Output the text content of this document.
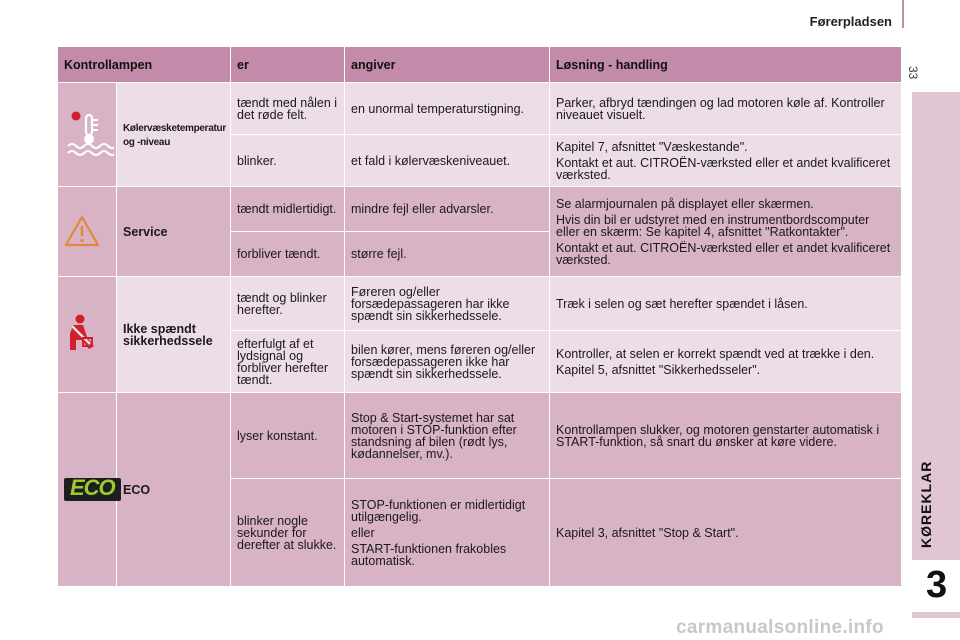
Førerpladsen
33
KØREKLAR
3
Kontrollampen		er	angiver	Løsning - handling
	Kølervæsketemperatur og -niveau	tændt med nålen i det røde felt.	en unormal temperaturstigning.	Parker, afbryd tændingen og lad motoren køle af. Kontroller niveauet visuelt.

		blinker.	et fald i kølervæskeniveauet.	Kapitel 7, afsnittet "Væskestande".
Kontakt et aut. CITROËN-værksted eller et andet kvalificeret værksted.

	Service	tændt midlertidigt.	mindre fejl eller advarsler.	Se alarmjournalen på displayet eller skærmen.
Hvis din bil er udstyret med en instrumentbordscomputer eller en skærm: Se kapitel 4, afsnittet "Ratkontakter".
Kontakt et aut. CITROËN-værksted eller et andet kvalificeret værksted.

		forbliver tændt.	større fejl.	
	Ikke spændt sikkerhedssele	tændt og blinker herefter.	Føreren og/eller forsædepassageren har ikke spændt sin sikkerhedssele.	Træk i selen og sæt herefter spændet i låsen.

		efterfulgt af et lydsignal og forbliver herefter tændt.	bilen kører, mens føreren og/eller forsædepassageren ikke har spændt sin sikkerhedssele.	Kontroller, at selen er korrekt spændt ved at trække i den.
Kapitel 5, afsnittet "Sikkerhedsseler".

ECO	ECO	lyser konstant.	Stop & Start-systemet har sat motoren i STOP-funktion efter standsning af bilen (rødt lys, kødannelser, mv.).	Kontrollampen slukker, og motoren genstarter automatisk i START-funktion, så snart du ønsker at køre videre.

		blinker nogle sekunder for derefter at slukke.	STOP-funktionen er midlertidigt utilgængelig.
eller
START-funktionen frakobles automatisk.	Kapitel 3, afsnittet "Stop & Start".
carmanualsonline.info
